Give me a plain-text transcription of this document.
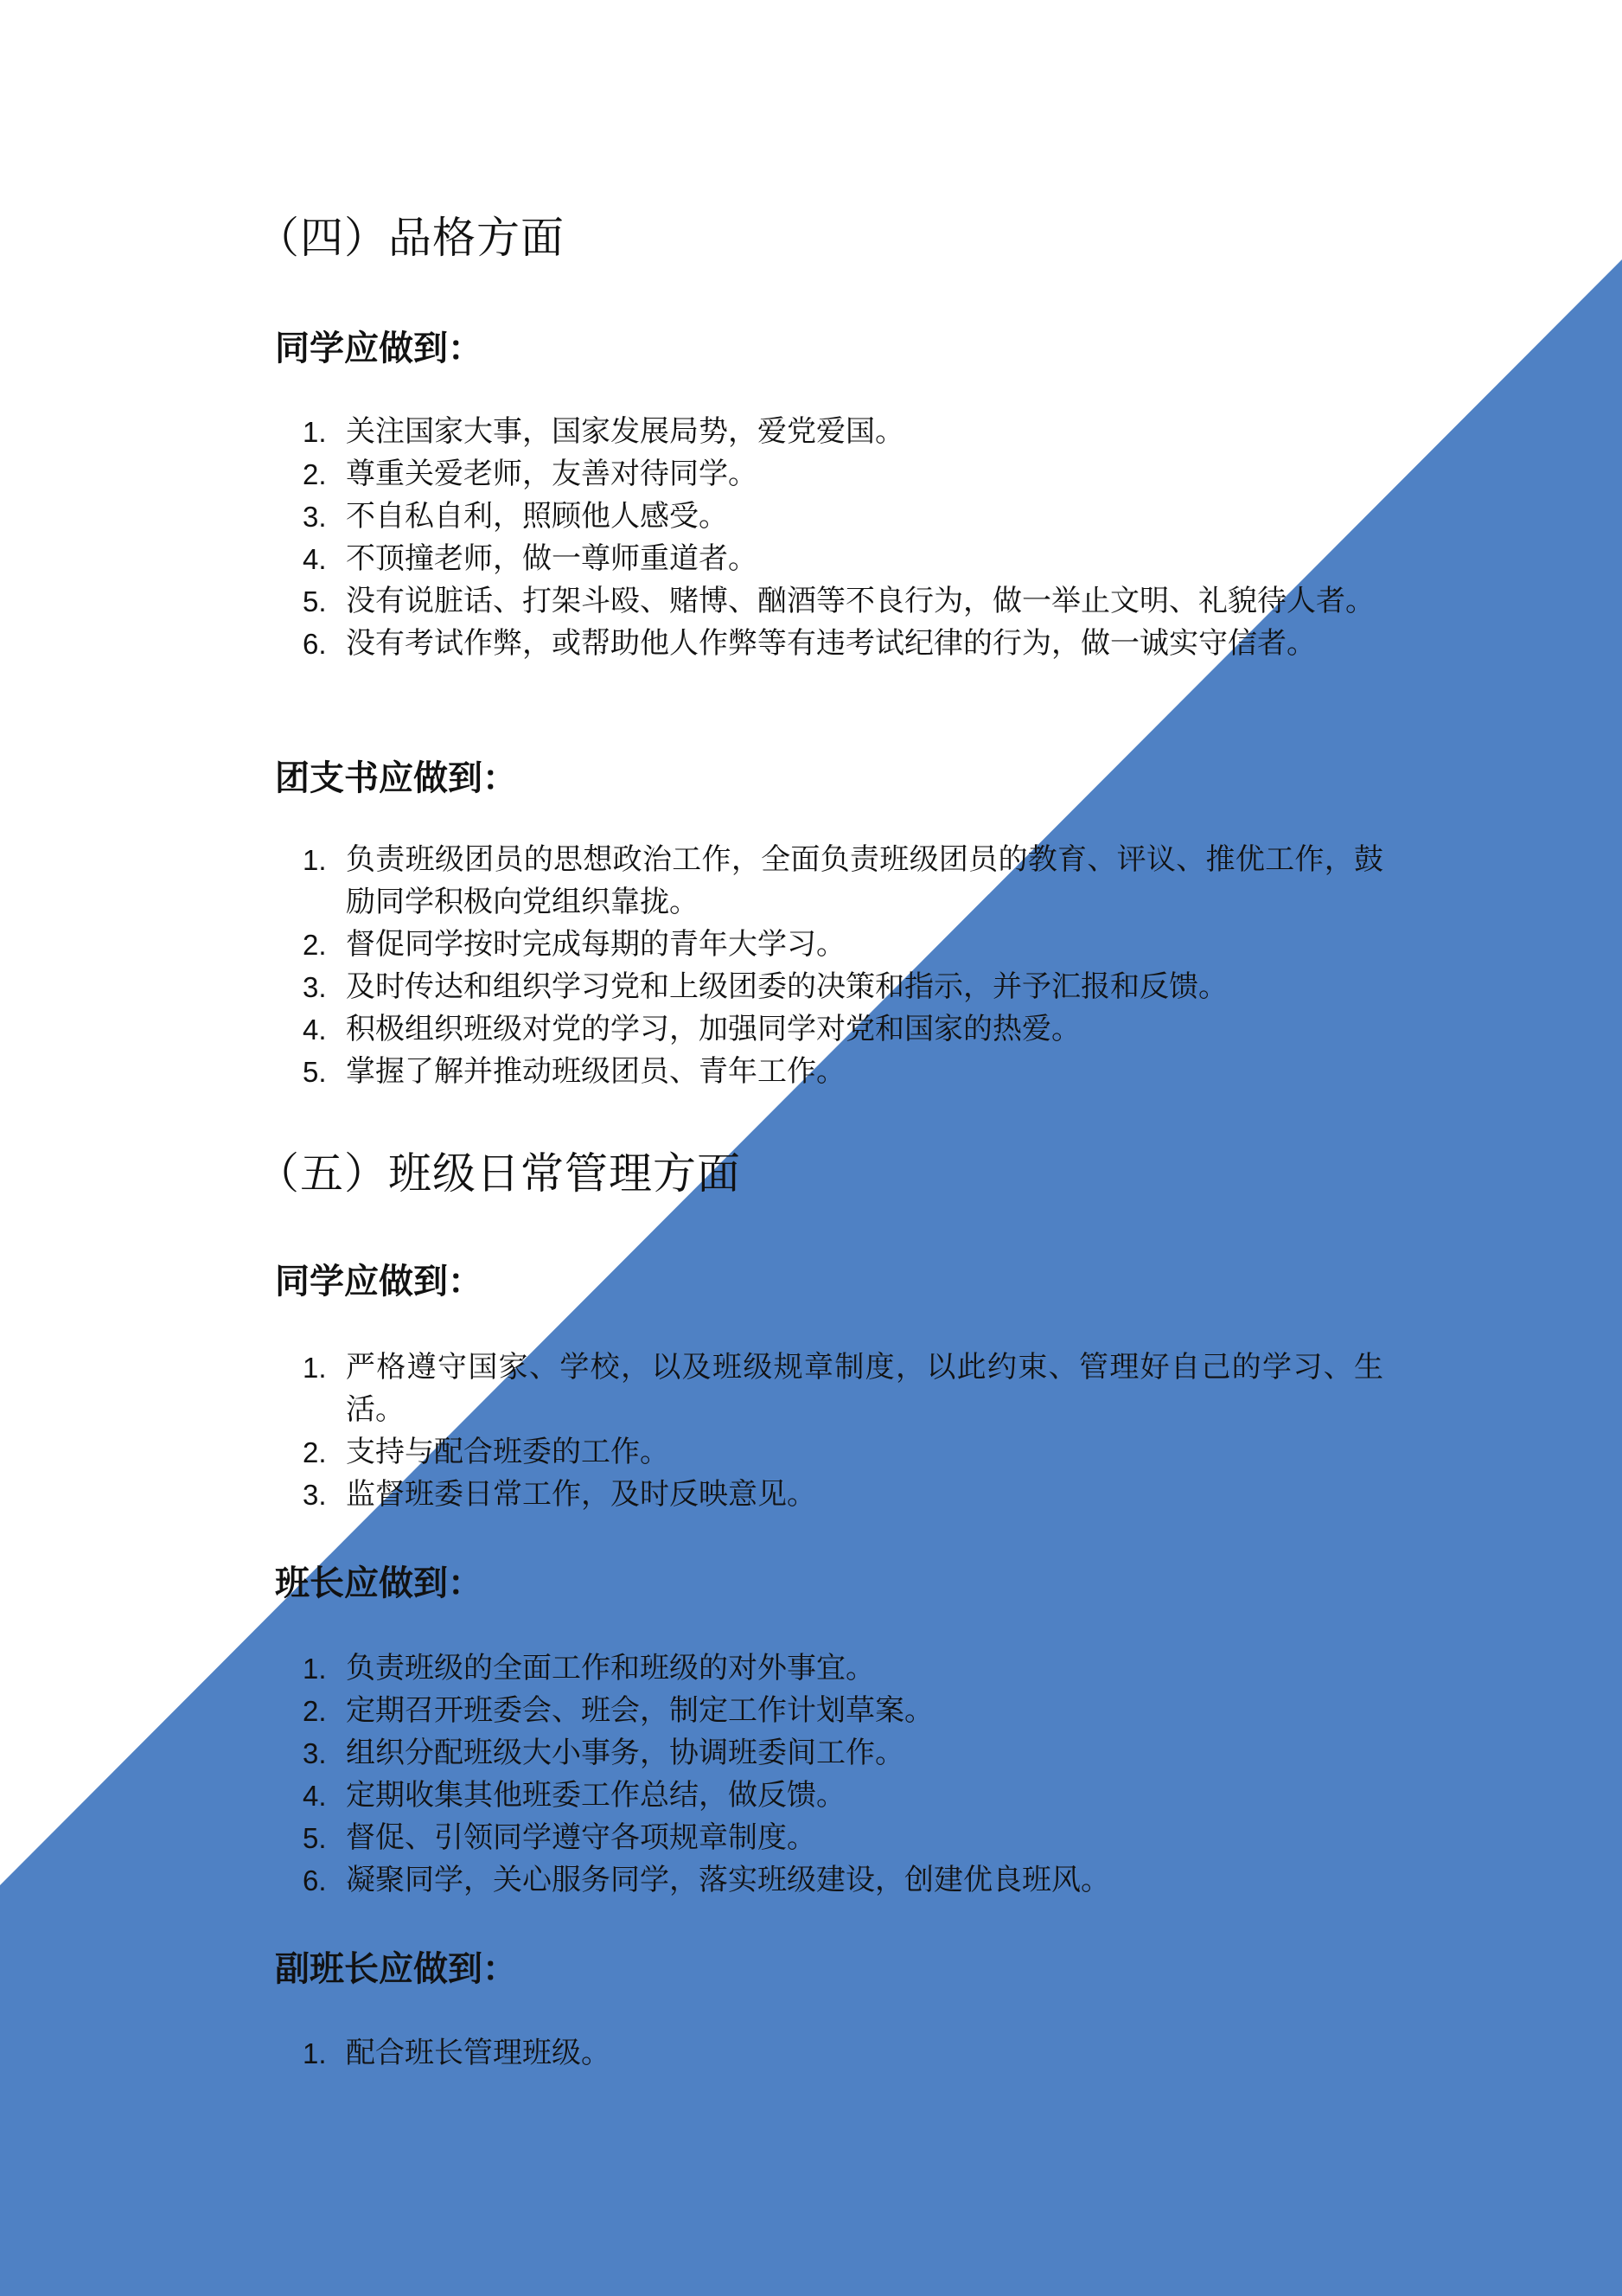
（四）品格方面
同学应做到：
1. 关注国家大事，国家发展局势，爱党爱国。
2. 尊重关爱老师，友善对待同学。
3. 不自私自利，照顾他人感受。
4. 不顶撞老师，做一尊师重道者。
5. 没有说脏话、打架斗殴、赌博、酗酒等不良行为，做一举止文明、礼貌待人者。
6. 没有考试作弊，或帮助他人作弊等有违考试纪律的行为，做一诚实守信者。
团支书应做到：
1. 负责班级团员的思想政治工作，全面负责班级团员的教育、评议、推优工作，鼓励同学积极向党组织靠拢。
2. 督促同学按时完成每期的青年大学习。
3. 及时传达和组织学习党和上级团委的决策和指示，并予汇报和反馈。
4. 积极组织班级对党的学习，加强同学对党和国家的热爱。
5. 掌握了解并推动班级团员、青年工作。
（五）班级日常管理方面
同学应做到：
1. 严格遵守国家、学校，以及班级规章制度，以此约束、管理好自己的学习、生活。
2. 支持与配合班委的工作。
3. 监督班委日常工作，及时反映意见。
班长应做到：
1. 负责班级的全面工作和班级的对外事宜。
2. 定期召开班委会、班会，制定工作计划草案。
3. 组织分配班级大小事务，协调班委间工作。
4. 定期收集其他班委工作总结，做反馈。
5. 督促、引领同学遵守各项规章制度。
6. 凝聚同学，关心服务同学，落实班级建设，创建优良班风。
副班长应做到：
1. 配合班长管理班级。
